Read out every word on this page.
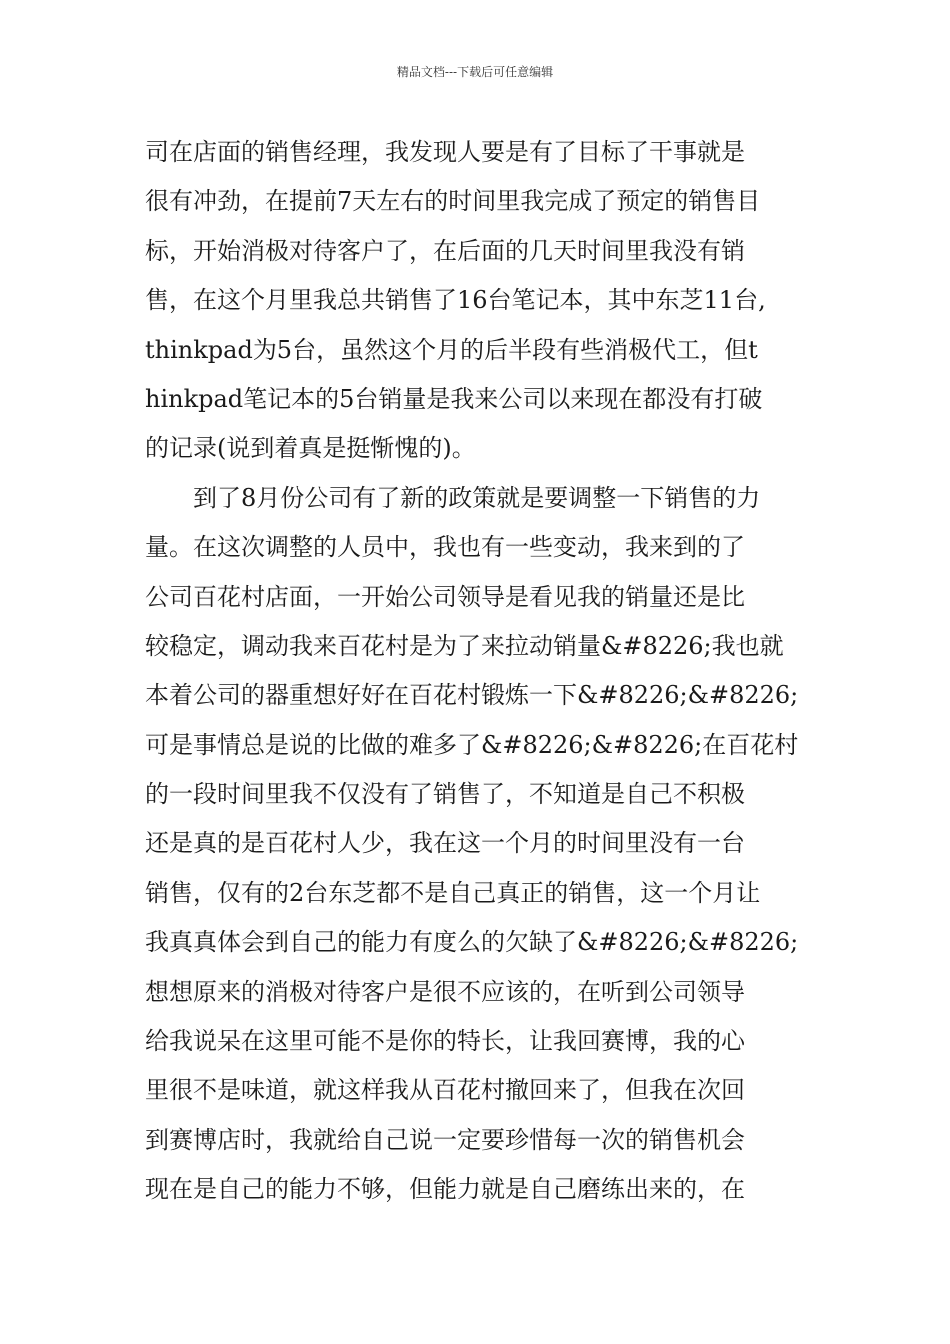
精品文档---下载后可任意编辑
司在店面的销售经理，我发现人要是有了目标了干事就是
很有冲劲，在提前7天左右的时间里我完成了预定的销售目
标，开始消极对待客户了，在后面的几天时间里我没有销
售，在这个月里我总共销售了16台笔记本，其中东芝11台,
thinkpad为5台，虽然这个月的后半段有些消极代工，但t
hinkpad笔记本的5台销量是我来公司以来现在都没有打破
的记录(说到着真是挺惭愧的)。
　　到了8月份公司有了新的政策就是要调整一下销售的力
量。在这次调整的人员中，我也有一些变动，我来到的了
公司百花村店面，一开始公司领导是看见我的销量还是比
较稳定，调动我来百花村是为了来拉动销量&#8226;我也就
本着公司的器重想好好在百花村锻炼一下&#8226;&#8226;
可是事情总是说的比做的难多了&#8226;&#8226;在百花村
的一段时间里我不仅没有了销售了，不知道是自己不积极
还是真的是百花村人少，我在这一个月的时间里没有一台
销售，仅有的2台东芝都不是自己真正的销售，这一个月让
我真真体会到自己的能力有度么的欠缺了&#8226;&#8226;
想想原来的消极对待客户是很不应该的，在听到公司领导
给我说呆在这里可能不是你的特长，让我回赛博，我的心
里很不是味道，就这样我从百花村撤回来了，但我在次回
到赛博店时，我就给自己说一定要珍惜每一次的销售机会
现在是自己的能力不够，但能力就是自己磨练出来的，在
